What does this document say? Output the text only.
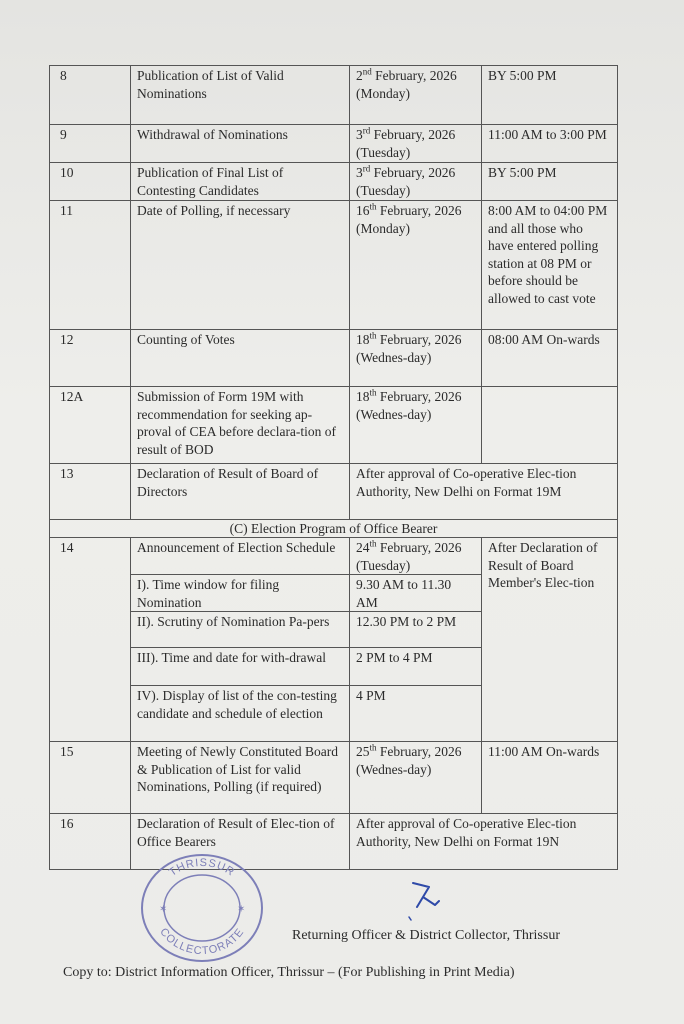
8	Publication of List of Valid Nominations	2nd February, 2026 (Monday)	BY 5:00 PM
9	Withdrawal of Nominations	3rd February, 2026 (Tuesday)	11:00 AM to 3:00 PM
10	Publication of Final List of Contesting Candidates	3rd February, 2026 (Tuesday)	BY 5:00 PM
11	Date of Polling, if necessary	16th February, 2026 (Monday)	8:00 AM to 04:00 PM and all those who have entered polling station at 08 PM or before should be allowed to cast vote
12	Counting of Votes	18th February, 2026 (Wednes-day)	08:00 AM On-wards
12A	Submission of Form 19M with recommendation for seeking ap-proval of CEA before declara-tion of result of BOD	18th February, 2026 (Wednes-day)	
13	Declaration of Result of Board of Directors	After approval of Co-operative Elec-tion Authority, New Delhi on Format 19M	
(C) Election Program of Office Bearer			
14	Announcement of Election Schedule	24th February, 2026 (Tuesday)	After Declaration of Result of Board Member's Elec-tion
	I). Time window for filing Nomination	9.30 AM to 11.30 AM	
	II). Scrutiny of Nomination Pa-pers	12.30 PM to 2 PM	
	III). Time and date for with-drawal	2 PM to 4 PM	
	IV). Display of list of the con-testing candidate and schedule of election	4 PM	
15	Meeting of Newly Constituted Board & Publication of List for valid Nominations, Polling (if required)	25th February, 2026 (Wednes-day)	11:00 AM On-wards
16	Declaration of Result of Elec-tion of Office Bearers	After approval of Co-operative Elec-tion Authority, New Delhi on Format 19N	
THRISSUR
COLLECTORATE
✶	✶
Returning Officer & District Collector, Thrissur
Copy to: District Information Officer, Thrissur – (For Publishing in Print Media)
